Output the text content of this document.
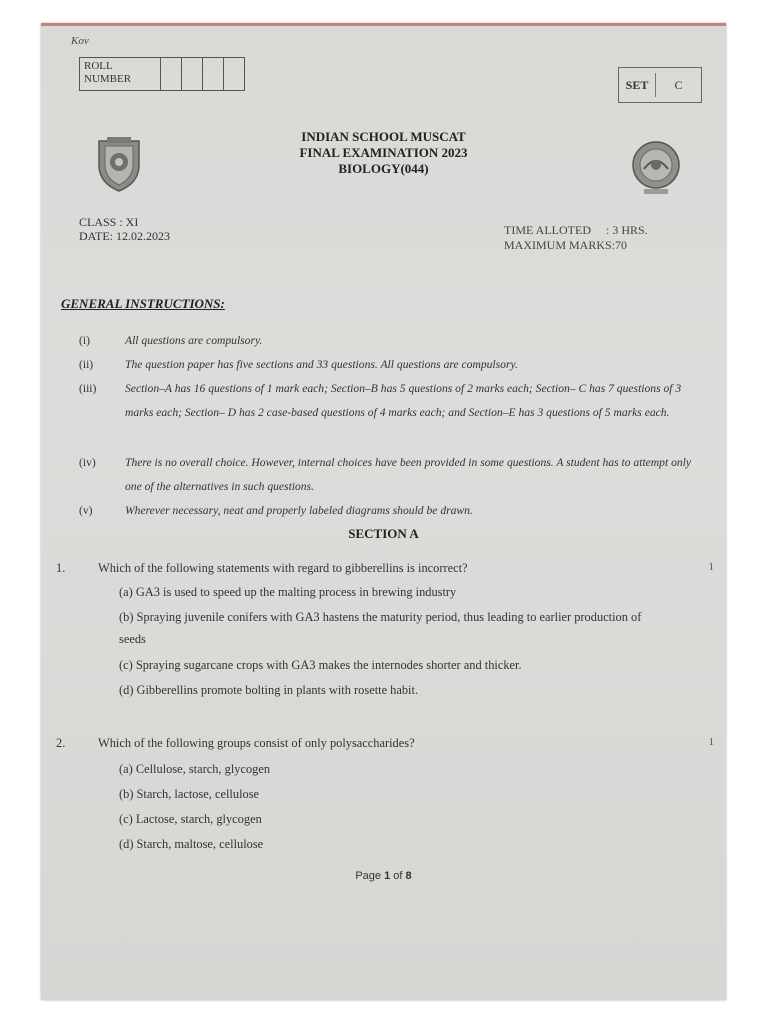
Kov
ROLL
NUMBER	SET	C
INDIAN SCHOOL MUSCAT
FINAL EXAMINATION 2023
BIOLOGY(044)
CLASS : XI
DATE: 12.02.2023	TIME ALLOTED     : 3 HRS.
MAXIMUM MARKS:70
GENERAL INSTRUCTIONS:
(i)	All questions are compulsory.
(ii)	The question paper has five sections and 33 questions. All questions are compulsory.
(iii) Section–A has 16 questions of 1 mark each; Section–B has 5 questions of 2 marks each; Section– C has 7 questions of 3 marks each; Section– D has 2 case-based questions of 4 marks each; and Section–E has 3 questions of 5 marks each.
(iv)	There is no overall choice. However, internal choices have been provided in some questions. A student has to attempt only one of the alternatives in such questions.
(v)	Wherever necessary, neat and properly labeled diagrams should be drawn.
SECTION A
1.	Which of the following statements with regard to gibberellins is incorrect?	1
(a) GA3 is used to speed up the malting process in brewing industry
(b) Spraying juvenile conifers with GA3 hastens the maturity period, thus leading to earlier production of seeds
(c) Spraying sugarcane crops with GA3 makes the internodes shorter and thicker.
(d) Gibberellins promote bolting in plants with rosette habit.
2.	Which of the following groups consist of only polysaccharides?	1
(a) Cellulose, starch, glycogen
(b) Starch, lactose, cellulose
(c) Lactose, starch, glycogen
(d) Starch, maltose, cellulose
Page 1 of 8
